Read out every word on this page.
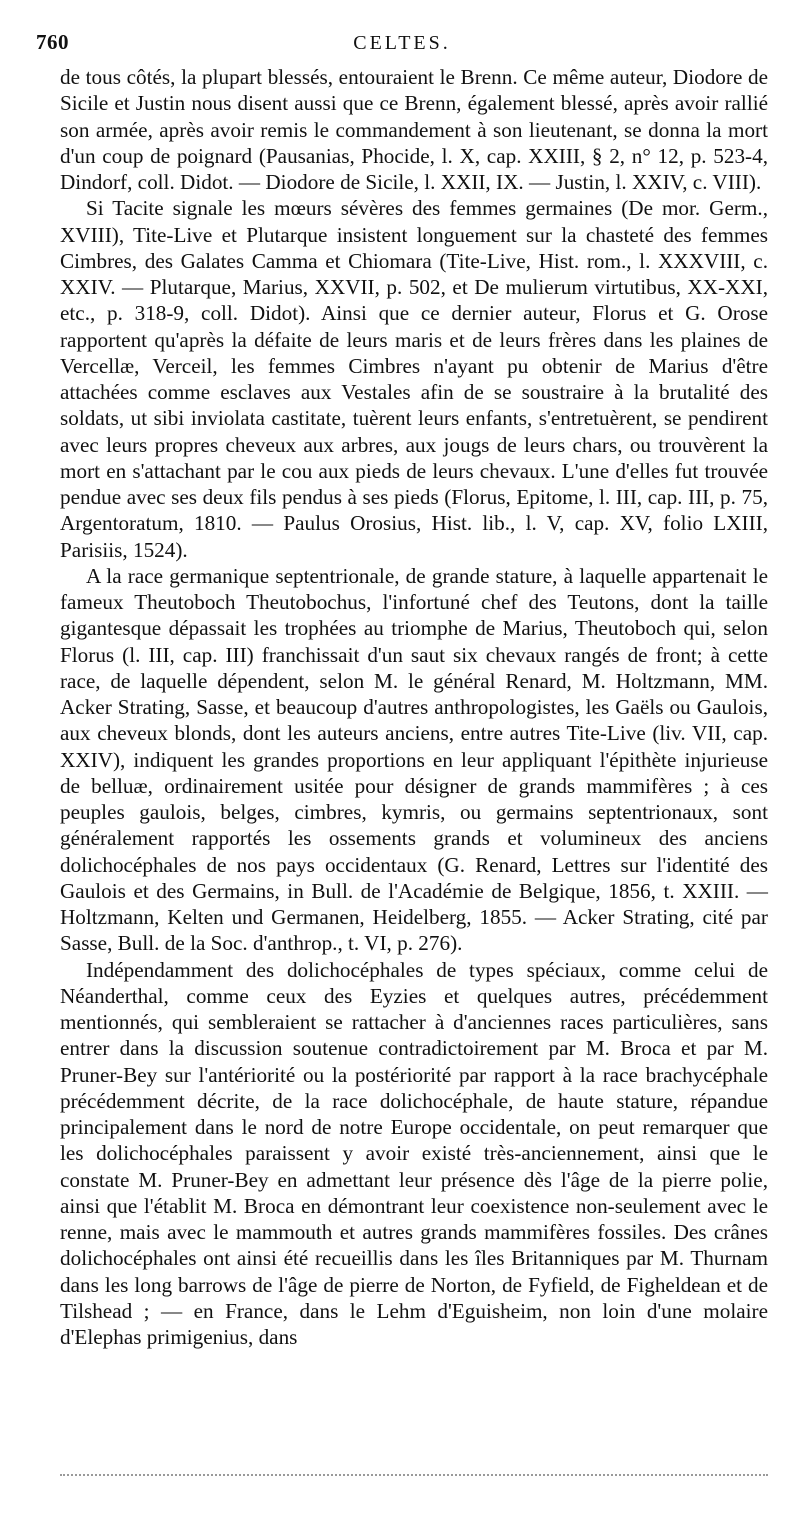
760	CELTES.

de tous côtés, la plupart blessés, entouraient le Brenn. Ce même auteur, Diodore de Sicile et Justin nous disent aussi que ce Brenn, également blessé, après avoir rallié son armée, après avoir remis le commandement à son lieutenant, se donna la mort d'un coup de poignard (Pausanias, Phocide, l. X, cap. XXIII, § 2, n° 12, p. 523-4, Dindorf, coll. Didot. — Diodore de Sicile, l. XXII, IX. — Justin, l. XXIV, c. VIII).

Si Tacite signale les mœurs sévères des femmes germaines (De mor. Germ., XVIII), Tite-Live et Plutarque insistent longuement sur la chasteté des femmes Cimbres, des Galates Camma et Chiomara (Tite-Live, Hist. rom., l. XXXVIII, c. XXIV. — Plutarque, Marius, XXVII, p. 502, et De mulierum virtutibus, XX-XXI, etc., p. 318-9, coll. Didot). Ainsi que ce dernier auteur, Florus et G. Orose rapportent qu'après la défaite de leurs maris et de leurs frères dans les plaines de Vercellæ, Verceil, les femmes Cimbres n'ayant pu obtenir de Marius d'être attachées comme esclaves aux Vestales afin de se soustraire à la brutalité des soldats, ut sibi inviolata castitate, tuèrent leurs enfants, s'entretuèrent, se pendirent avec leurs propres cheveux aux arbres, aux jougs de leurs chars, ou trouvèrent la mort en s'attachant par le cou aux pieds de leurs chevaux. L'une d'elles fut trouvée pendue avec ses deux fils pendus à ses pieds (Florus, Epitome, l. III, cap. III, p. 75, Argentoratum, 1810. — Paulus Orosius, Hist. lib., l. V, cap. XV, folio LXIII, Parisiis, 1524).

A la race germanique septentrionale, de grande stature, à laquelle appartenait le fameux Theutoboch Theutobochus, l'infortuné chef des Teutons, dont la taille gigantesque dépassait les trophées au triomphe de Marius, Theutoboch qui, selon Florus (l. III, cap. III) franchissait d'un saut six chevaux rangés de front; à cette race, de laquelle dépendent, selon M. le général Renard, M. Holtzmann, MM. Acker Strating, Sasse, et beaucoup d'autres anthropologistes, les Gaëls ou Gaulois, aux cheveux blonds, dont les auteurs anciens, entre autres Tite-Live (liv. VII, cap. XXIV), indiquent les grandes proportions en leur appliquant l'épithète injurieuse de belluæ, ordinairement usitée pour désigner de grands mammifères ; à ces peuples gaulois, belges, cimbres, kymris, ou germains septentrionaux, sont généralement rapportés les ossements grands et volumineux des anciens dolichocéphales de nos pays occidentaux (G. Renard, Lettres sur l'identité des Gaulois et des Germains, in Bull. de l'Académie de Belgique, 1856, t. XXIII. — Holtzmann, Kelten und Germanen, Heidelberg, 1855. — Acker Strating, cité par Sasse, Bull. de la Soc. d'anthrop., t. VI, p. 276).

Indépendamment des dolichocéphales de types spéciaux, comme celui de Néanderthal, comme ceux des Eyzies et quelques autres, précédemment mentionnés, qui sembleraient se rattacher à d'anciennes races particulières, sans entrer dans la discussion soutenue contradictoirement par M. Broca et par M. Pruner-Bey sur l'antériorité ou la postériorité par rapport à la race brachycéphale précédemment décrite, de la race dolichocéphale, de haute stature, répandue principalement dans le nord de notre Europe occidentale, on peut remarquer que les dolichocéphales paraissent y avoir existé très-anciennement, ainsi que le constate M. Pruner-Bey en admettant leur présence dès l'âge de la pierre polie, ainsi que l'établit M. Broca en démontrant leur coexistence non-seulement avec le renne, mais avec le mammouth et autres grands mammifères fossiles. Des crânes dolichocéphales ont ainsi été recueillis dans les îles Britanniques par M. Thurnam dans les long barrows de l'âge de pierre de Norton, de Fyfield, de Figheldean et de Tilshead ; — en France, dans le Lehm d'Eguisheim, non loin d'une molaire d'Elephas primigenius, dans
